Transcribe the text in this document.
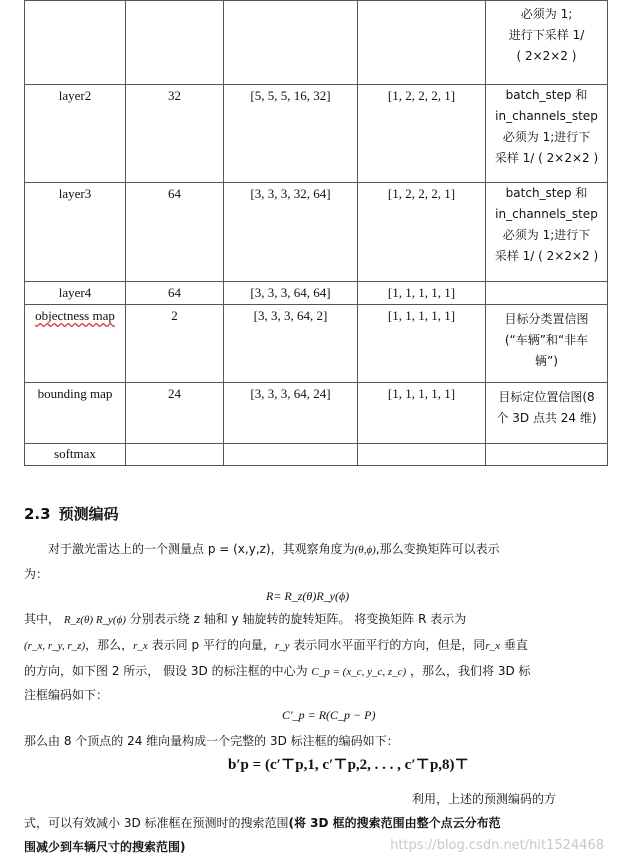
				必须为 1;
进行下采样 1/
( 2×2×2 )

layer2	32	[5, 5, 5, 16, 32]	[1, 2, 2, 2, 1]	batch_step 和
in_channels_step
必须为 1;进行下
采样 1/ ( 2×2×2 )

layer3	64	[3, 3, 3, 32, 64]	[1, 2, 2, 2, 1]	batch_step 和
in_channels_step
必须为 1;进行下
采样 1/ ( 2×2×2 )

layer4	64	[3, 3, 3, 64, 64]	[1, 1, 1, 1, 1]	
objectness map	2	[3, 3, 3, 64, 2]	[1, 1, 1, 1, 1]	目标分类置信图
(“车辆”和“非车
辆”)

bounding map	24	[3, 3, 3, 64, 24]	[1, 1, 1, 1, 1]	目标定位置信图(8
个 3D 点共 24 维)

softmax				
2.3 预测编码
对于激光雷达上的一个测量点 p = (x,y,z)，其观察角度为(θ,ϕ),那么变换矩阵可以表示
为：
R= R_z(θ)R_y(ϕ)
其中， R_z(θ) R_y(ϕ) 分别表示绕 z 轴和 y 轴旋转的旋转矩阵。 将变换矩阵 R 表示为
(r_x, r_y, r_z)，那么，r_x 表示同 p 平行的向量，r_y 表示同水平面平行的方向，但是，同r_x 垂直
的方向，如下图 2 所示， 假设 3D 的标注框的中心为 C_p = (x_c, y_c, z_c) ，那么，我们将 3D 标
注框编码如下：
C′_p = R(C_p − P)
那么由 8 个顶点的 24 维向量构成一个完整的 3D 标注框的编码如下：
b′p = (c′⊤p,1, c′⊤p,2, . . . , c′⊤p,8)⊤
利用，上述的预测编码的方
式，可以有效减小 3D 标准框在预测时的搜索范围(将 3D 框的搜索范围由整个点云分布范
围减少到车辆尺寸的搜索范围)	https://blog.csdn.net/hit1524468
